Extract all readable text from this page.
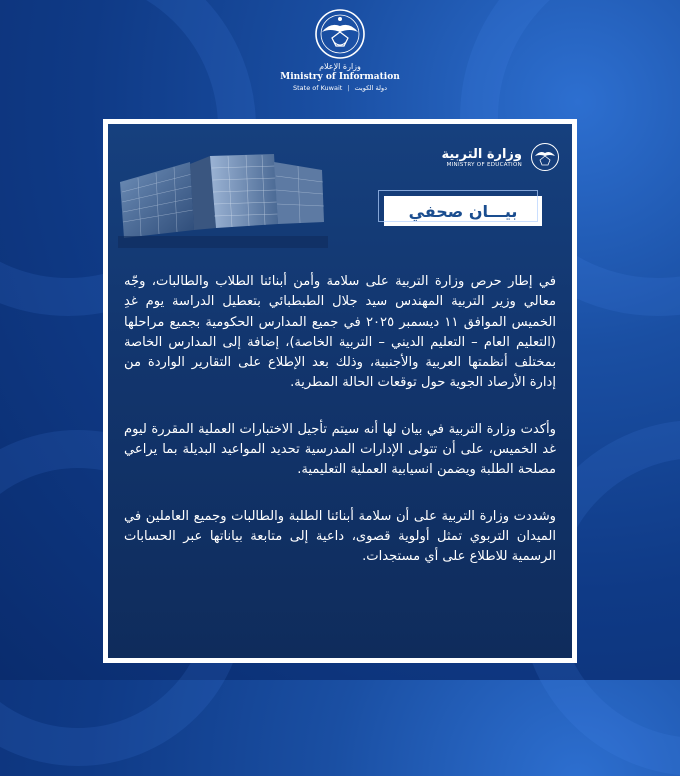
وزارة الإعلام
Ministry of Information
State of Kuwait | دولة الكويت
وزارة التربية
MINISTRY OF EDUCATION
بيـــان صحفي

في إطار حرص وزارة التربية على سلامة وأمن أبنائنا الطلاب والطالبات، وجّه معالي وزير التربية المهندس سيد جلال الطبطبائي بتعطيل الدراسة يوم غدِ الخميس الموافق ١١ ديسمبر ٢٠٢٥ في جميع المدارس الحكومية بجميع مراحلها (التعليم العام – التعليم الديني – التربية الخاصة)، إضافة إلى المدارس الخاصة بمختلف أنظمتها العربية والأجنبية، وذلك بعد الإطلاع على التقارير الواردة من إدارة الأرصاد الجوية حول توقعات الحالة المطرية.

وأكدت وزارة التربية في بيان لها أنه سيتم تأجيل الاختبارات العملية المقررة ليوم غد الخميس، على أن تتولى الإدارات المدرسية تحديد المواعيد البديلة بما يراعي مصلحة الطلبة ويضمن انسيابية العملية التعليمية.

وشددت وزارة التربية على أن سلامة أبنائنا الطلبة والطالبات وجميع العاملين في الميدان التربوي تمثل أولوية قصوى، داعية إلى متابعة بياناتها عبر الحسابات الرسمية للاطلاع على أي مستجدات.
